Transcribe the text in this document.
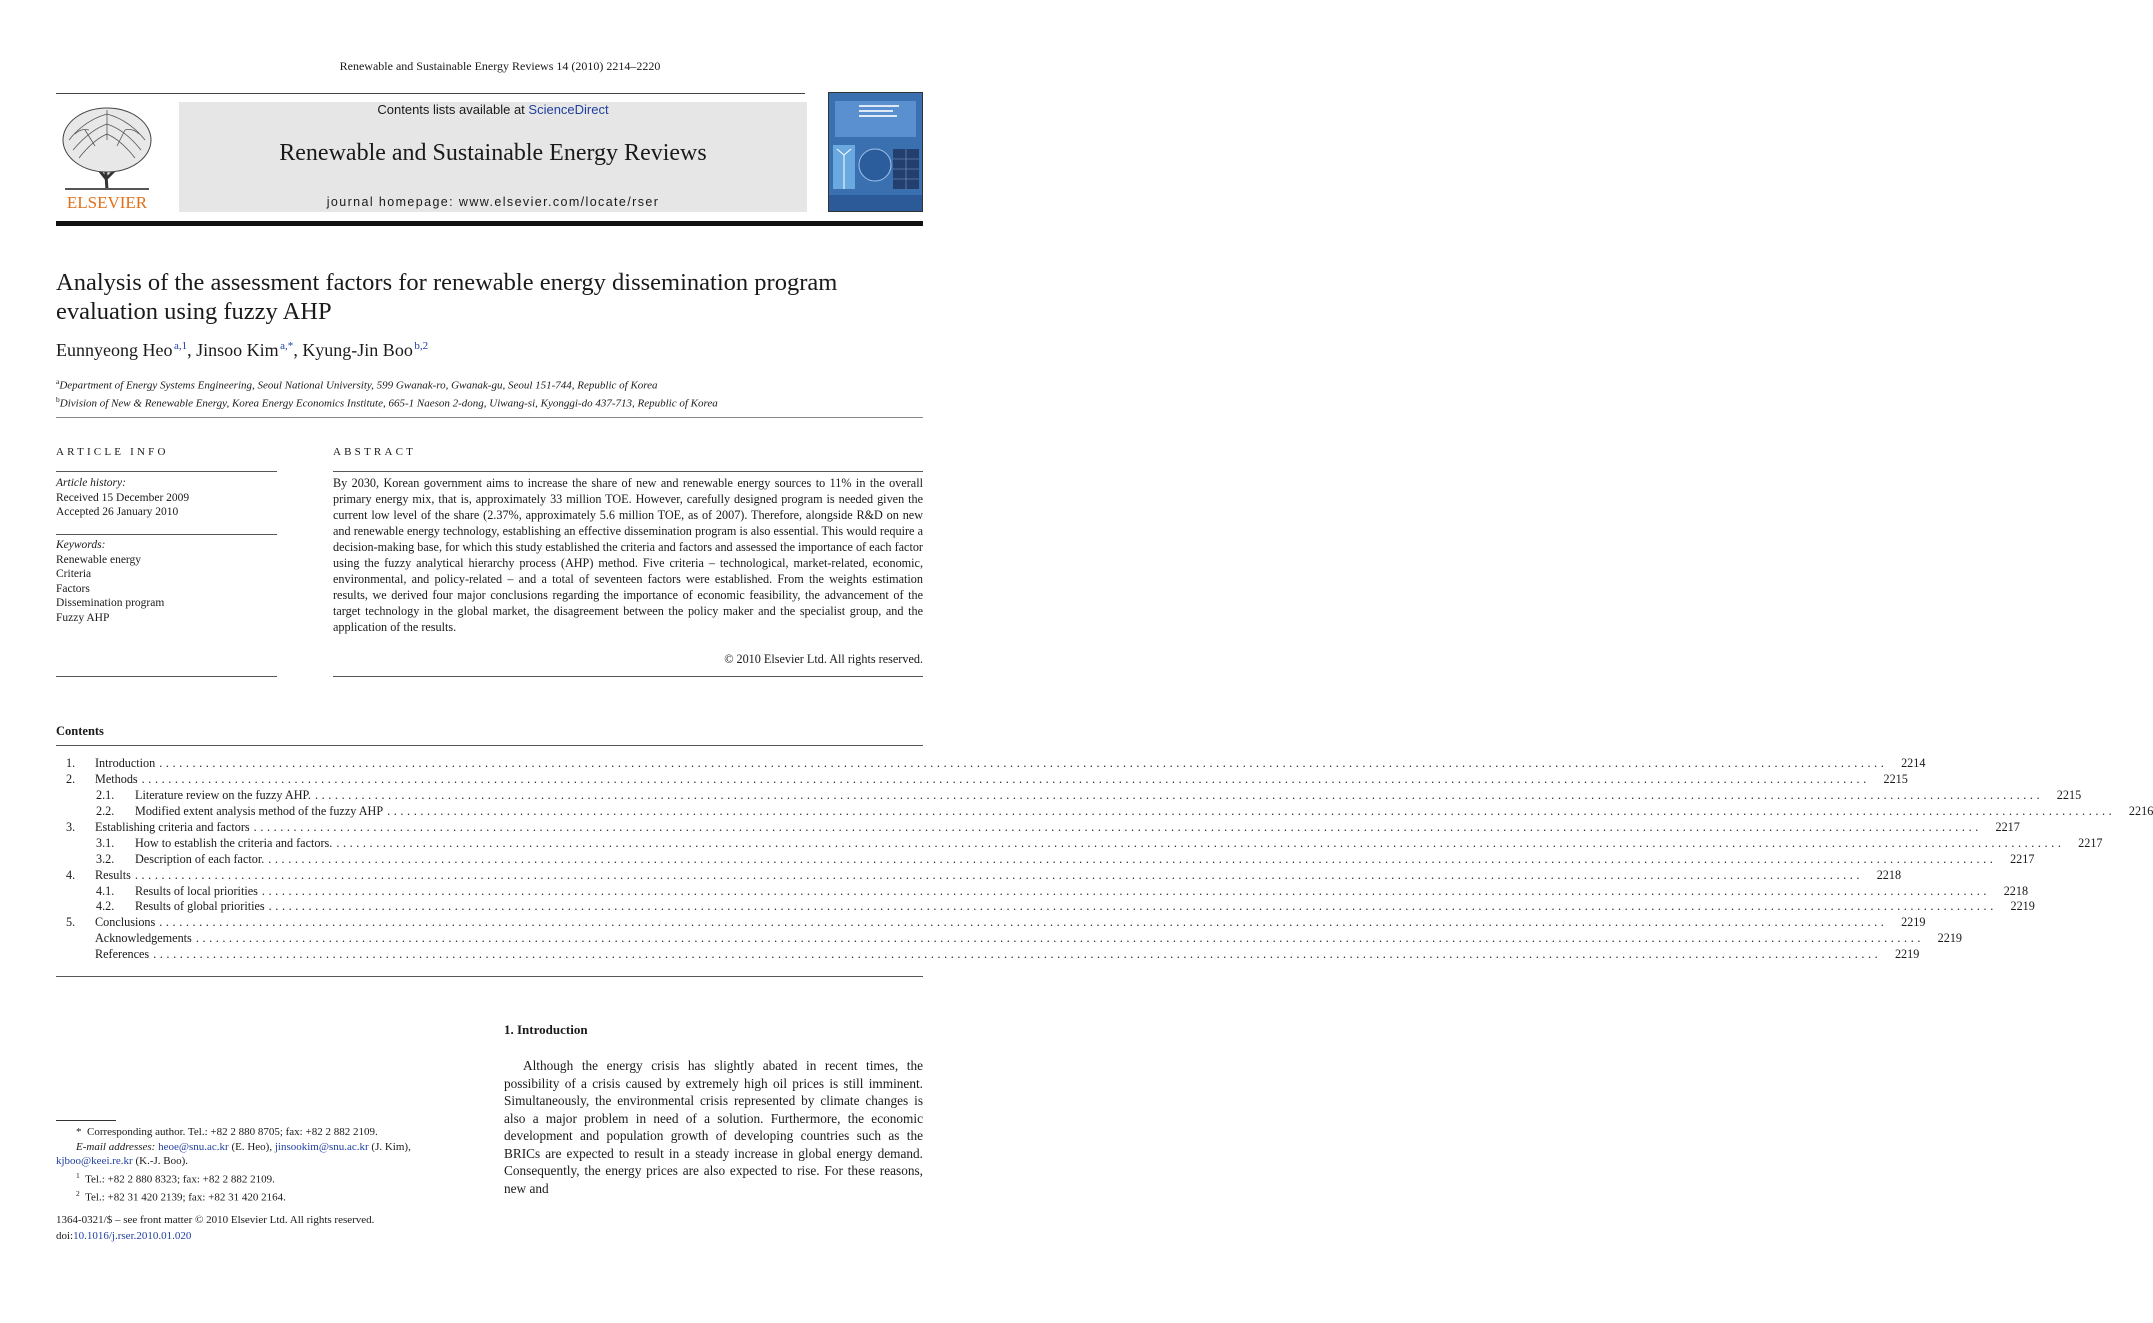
Renewable and Sustainable Energy Reviews 14 (2010) 2214–2220
ELSEVIER
Contents lists available at ScienceDirect
Renewable and Sustainable Energy Reviews
journal homepage: www.elsevier.com/locate/rser
Analysis of the assessment factors for renewable energy dissemination program evaluation using fuzzy AHP
Eunnyeong Heo  $^{a,1}$, Jinsoo Kim  $^{a,*}$, Kyung-Jin Boo  $^{b,2}$
$^a$Department of Energy Systems Engineering, Seoul National University, 599 Gwanak-ro, Gwanak-gu, Seoul 151-744, Republic of Korea
$^b$Division of New & Renewable Energy, Korea Energy Economics Institute, 665-1 Naeson 2-dong, Uiwang-si, Kyonggi-do 437-713, Republic of Korea
ARTICLE INFO
Article history:
Received 15 December 2009
Accepted 26 January 2010
Keywords:
Renewable energy
Criteria
Factors
Dissemination program
Fuzzy AHP
ABSTRACT
By 2030, Korean government aims to increase the share of new and renewable energy sources to 11% in the overall primary energy mix, that is, approximately 33 million TOE. However, carefully designed program is needed given the current low level of the share (2.37%, approximately 5.6 million TOE, as of 2007). Therefore, alongside R&D on new and renewable energy technology, establishing an effective dissemination program is also essential. This would require a decision-making base, for which this study established the criteria and factors and assessed the importance of each factor using the fuzzy analytical hierarchy process (AHP) method. Five criteria – technological, market-related, economic, environmental, and policy-related – and a total of seventeen factors were established. From the weights estimation results, we derived four major conclusions regarding the importance of economic feasibility, the advancement of the target technology in the global market, the disagreement between the policy maker and the specialist group, and the application of the results.
© 2010 Elsevier Ltd. All rights reserved.
Contents
1.	Introduction ....................................................................................................................................................................................................................................................................	2214
2.	Methods ....................................................................................................................................................................................................................................................................	2215
2.1.	Literature review on the fuzzy AHP. ....................................................................................................................................................................................................................................................................	2215
2.2.	Modified extent analysis method of the fuzzy AHP ....................................................................................................................................................................................................................................................................	2216
3.	Establishing criteria and factors ....................................................................................................................................................................................................................................................................	2217
3.1.	How to establish the criteria and factors. ....................................................................................................................................................................................................................................................................	2217
3.2.	Description of each factor. ....................................................................................................................................................................................................................................................................	2217
4.	Results ....................................................................................................................................................................................................................................................................	2218
4.1.	Results of local priorities ....................................................................................................................................................................................................................................................................	2218
4.2.	Results of global priorities ....................................................................................................................................................................................................................................................................	2219
5.	Conclusions ....................................................................................................................................................................................................................................................................	2219
Acknowledgements ....................................................................................................................................................................................................................................................................	2219
References ....................................................................................................................................................................................................................................................................	2219
1. Introduction
Although the energy crisis has slightly abated in recent times, the possibility of a crisis caused by extremely high oil prices is still imminent. Simultaneously, the environmental crisis represented by climate changes is also a major problem in need of a solution. Furthermore, the economic development and population growth of developing countries such as the BRICs are expected to result in a steady increase in global energy demand. Consequently, the energy prices are also expected to rise. For these reasons, new and
*  Corresponding author. Tel.: +82 2 880 8705; fax: +82 2 882 2109.
E-mail addresses: heoe@snu.ac.kr (E. Heo), jinsookim@snu.ac.kr (J. Kim),
kjboo@keei.re.kr (K.-J. Boo).
$^1$ Tel.: +82 2 880 8323; fax: +82 2 882 2109.
$^2$ Tel.: +82 31 420 2139; fax: +82 31 420 2164.
1364-0321/$ – see front matter © 2010 Elsevier Ltd. All rights reserved.
doi:10.1016/j.rser.2010.01.020
